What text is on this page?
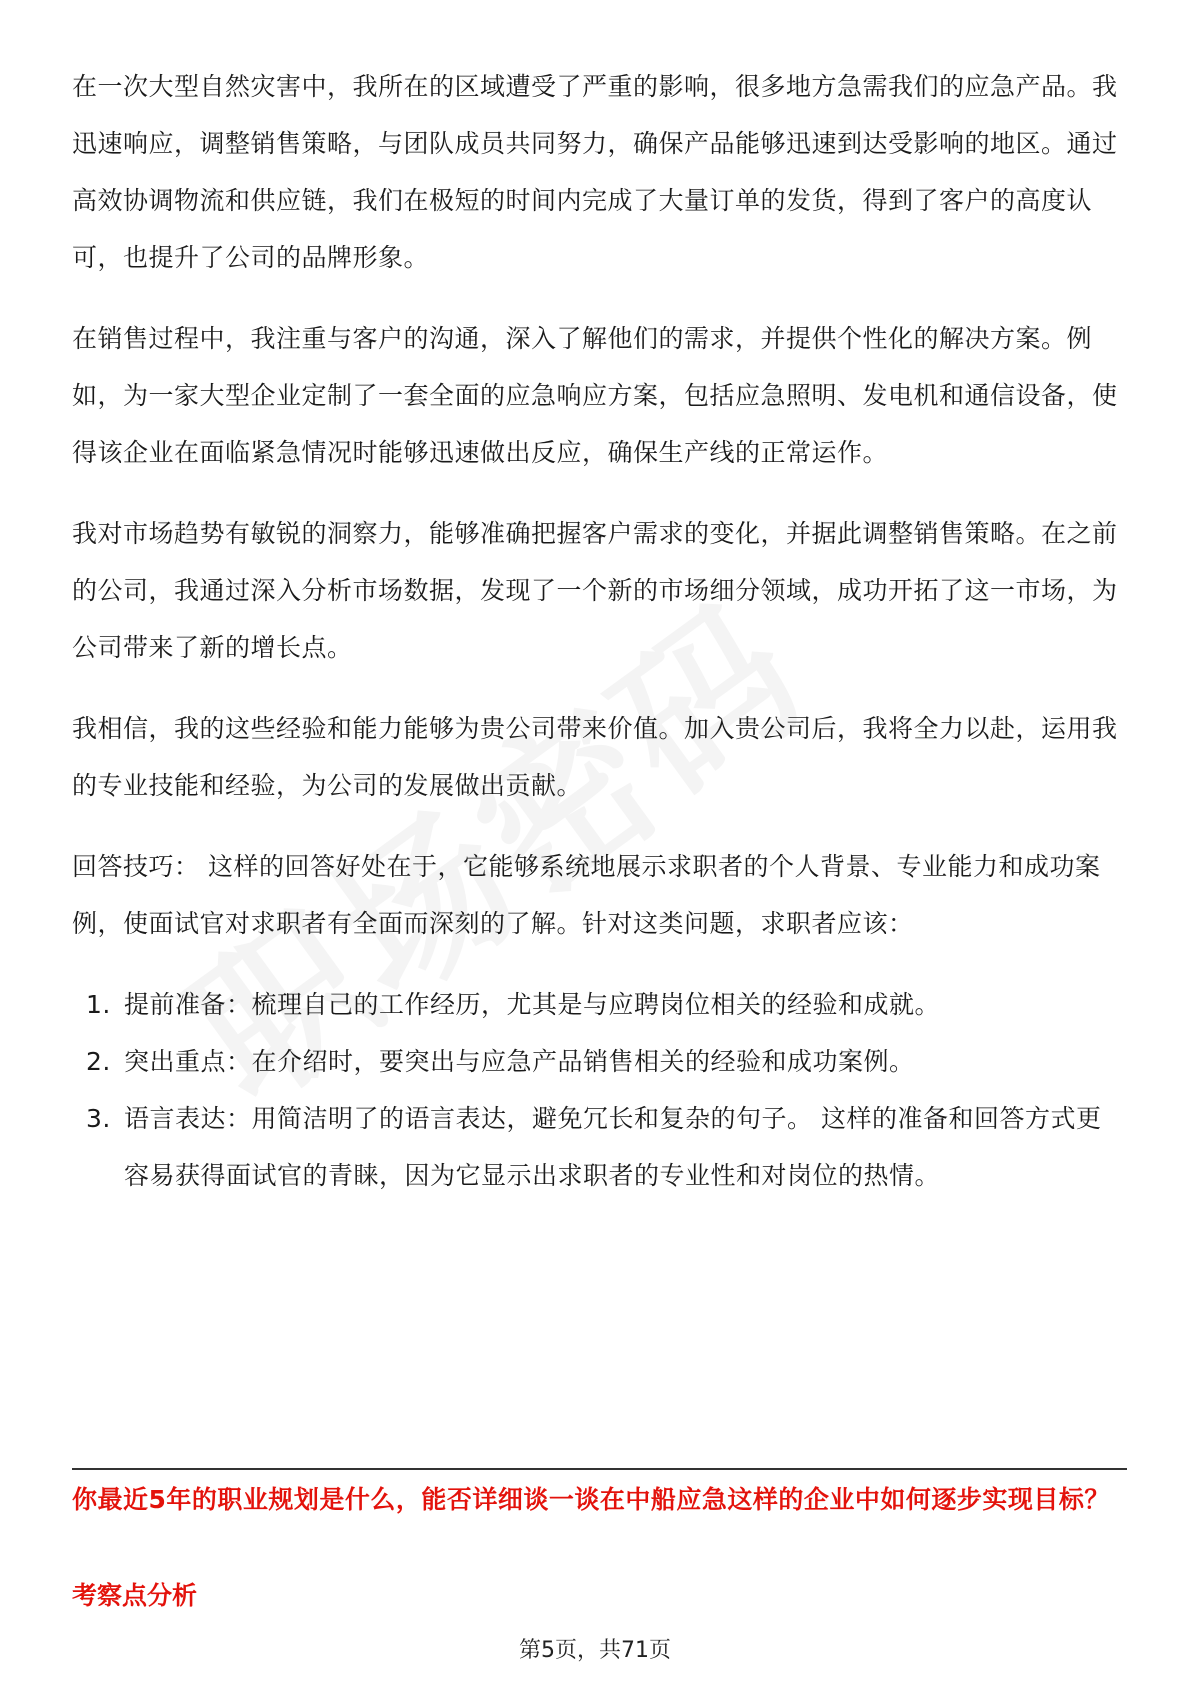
在一次大型自然灾害中，我所在的区域遭受了严重的影响，很多地方急需我们的应急产品。我迅速响应，调整销售策略，与团队成员共同努力，确保产品能够迅速到达受影响的地区。通过高效协调物流和供应链，我们在极短的时间内完成了大量订单的发货，得到了客户的高度认可，也提升了公司的品牌形象。

在销售过程中，我注重与客户的沟通，深入了解他们的需求，并提供个性化的解决方案。例如，为一家大型企业定制了一套全面的应急响应方案，包括应急照明、发电机和通信设备，使得该企业在面临紧急情况时能够迅速做出反应，确保生产线的正常运作。

我对市场趋势有敏锐的洞察力，能够准确把握客户需求的变化，并据此调整销售策略。在之前的公司，我通过深入分析市场数据，发现了一个新的市场细分领域，成功开拓了这一市场，为公司带来了新的增长点。

我相信，我的这些经验和能力能够为贵公司带来价值。加入贵公司后，我将全力以赴，运用我的专业技能和经验，为公司的发展做出贡献。

回答技巧： 这样的回答好处在于，它能够系统地展示求职者的个人背景、专业能力和成功案例，使面试官对求职者有全面而深刻的了解。针对这类问题，求职者应该：

1. 提前准备：梳理自己的工作经历，尤其是与应聘岗位相关的经验和成就。
2. 突出重点：在介绍时，要突出与应急产品销售相关的经验和成功案例。
3. 语言表达：用简洁明了的语言表达，避免冗长和复杂的句子。 这样的准备和回答方式更容易获得面试官的青睐，因为它显示出求职者的专业性和对岗位的热情。
你最近5年的职业规划是什么，能否详细谈一谈在中船应急这样的企业中如何逐步实现目标？
考察点分析
第5页，共71页
